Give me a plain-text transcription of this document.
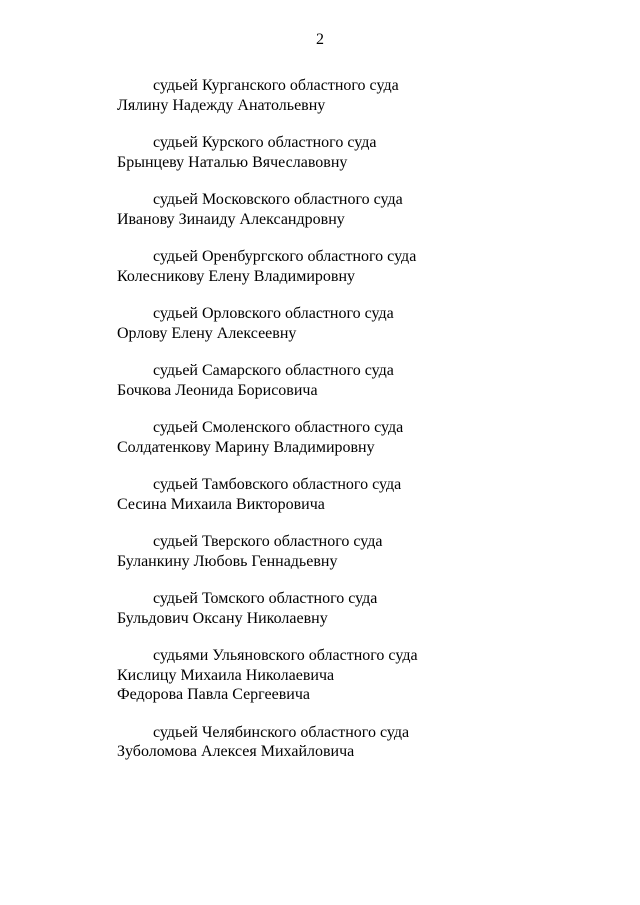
2
судьей Курганского областного суда
Лялину Надежду Анатольевну
судьей Курского областного суда
Брынцеву Наталью Вячеславовну
судьей Московского областного суда
Иванову Зинаиду Александровну
судьей Оренбургского областного суда
Колесникову Елену Владимировну
судьей Орловского областного суда
Орлову Елену Алексеевну
судьей Самарского областного суда
Бочкова Леонида Борисовича
судьей Смоленского областного суда
Солдатенкову Марину Владимировну
судьей Тамбовского областного суда
Сесина Михаила Викторовича
судьей Тверского областного суда
Буланкину Любовь Геннадьевну
судьей Томского областного суда
Бульдович Оксану Николаевну
судьями Ульяновского областного суда
Кислицу Михаила Николаевича
Федорова Павла Сергеевича
судьей Челябинского областного суда
Зуболомова Алексея Михайловича
